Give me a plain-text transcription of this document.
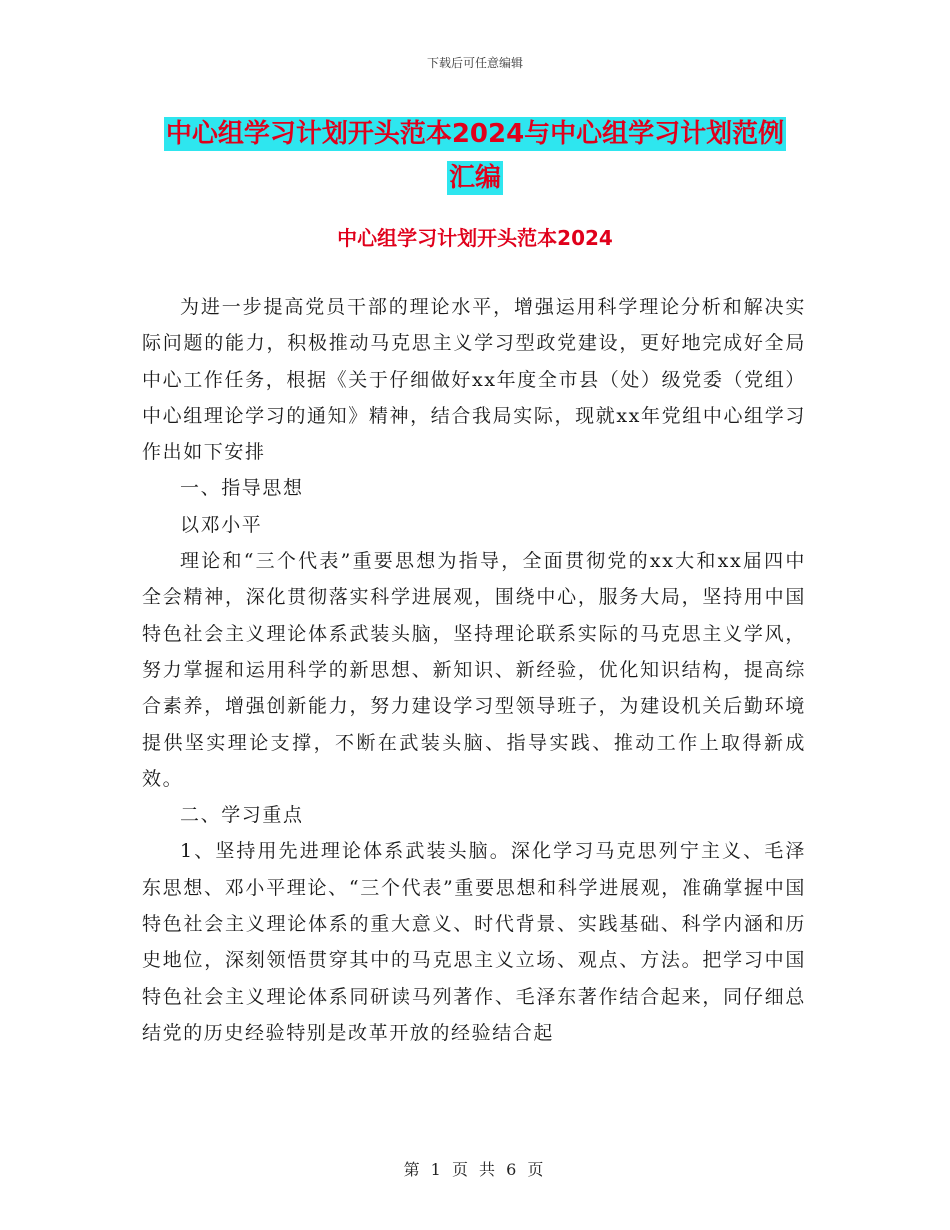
下载后可任意编辑
中心组学习计划开头范本2024与中心组学习计划范例
汇编
中心组学习计划开头范本2024

为进一步提高党员干部的理论水平，增强运用科学理论分析和解决实际问题的能力，积极推动马克思主义学习型政党建设，更好地完成好全局中心工作任务，根据《关于仔细做好xx年度全市县（处）级党委（党组）中心组理论学习的通知》精神，结合我局实际，现就xx年党组中心组学习作出如下安排

一、指导思想

以邓小平

理论和“三个代表”重要思想为指导，全面贯彻党的xx大和xx届四中全会精神，深化贯彻落实科学进展观，围绕中心，服务大局，坚持用中国特色社会主义理论体系武装头脑，坚持理论联系实际的马克思主义学风，努力掌握和运用科学的新思想、新知识、新经验，优化知识结构，提高综合素养，增强创新能力，努力建设学习型领导班子，为建设机关后勤环境提供坚实理论支撑，不断在武装头脑、指导实践、推动工作上取得新成效。

二、学习重点

1、坚持用先进理论体系武装头脑。深化学习马克思列宁主义、毛泽东思想、邓小平理论、“三个代表”重要思想和科学进展观，准确掌握中国特色社会主义理论体系的重大意义、时代背景、实践基础、科学内涵和历史地位，深刻领悟贯穿其中的马克思主义立场、观点、方法。把学习中国特色社会主义理论体系同研读马列著作、毛泽东著作结合起来，同仔细总结党的历史经验特别是改革开放的经验结合起

第 1 页 共 6 页
